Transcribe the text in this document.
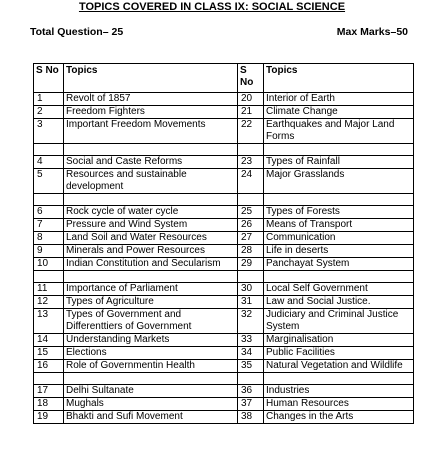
TOPICS COVERED IN CLASS IX: SOCIAL SCIENCE
Total Question– 25	Max Marks–50
S No	Topics	S No	Topics
1	Revolt of 1857	20	Interior of Earth
2	Freedom Fighters	21	Climate Change
3	Important Freedom Movements	22	Earthquakes and Major Land Forms

4	Social and Caste Reforms	23	Types of Rainfall
5	Resources and sustainable development	24	Major Grasslands

6	Rock cycle of water cycle	25	Types of Forests
7	Pressure and Wind System	26	Means of Transport
8	Land Soil and Water Resources	27	Communication
9	Minerals and Power Resources	28	Life in deserts
10	Indian Constitution and Secularism	29	Panchayat System

11	Importance of Parliament	30	Local Self Government
12	Types of Agriculture	31	Law and Social Justice.
13	Types of Government and Differenttiers of Government	32	Judiciary and Criminal Justice System
14	Understanding Markets	33	Marginalisation
15	Elections	34	Public Facilities
16	Role of Governmentin Health	35	Natural Vegetation and Wildlife

17	Delhi Sultanate	36	Industries
18	Mughals	37	Human Resources
19	Bhakti and Sufi Movement	38	Changes in the Arts
